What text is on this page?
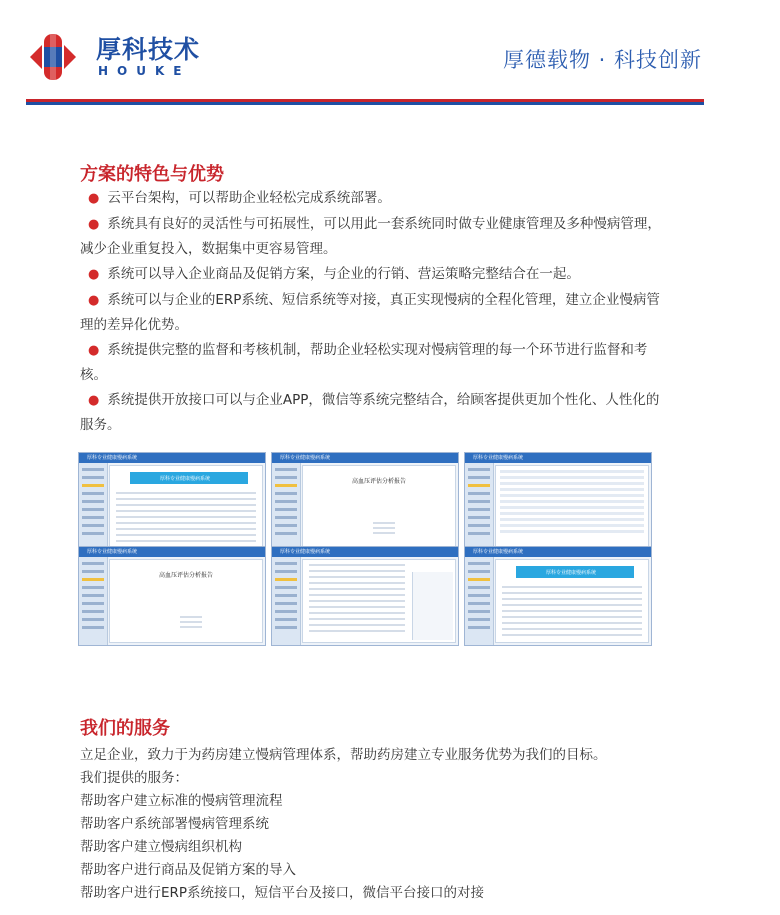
厚科技术
HOUKE	厚德载物 · 科技创新
方案的特色与优势
● 云平台架构，可以帮助企业轻松完成系统部署。
● 系统具有良好的灵活性与可拓展性，可以用此一套系统同时做专业健康管理及多种慢病管理，减少企业重复投入，数据集中更容易管理。
● 系统可以导入企业商品及促销方案，与企业的行销、营运策略完整结合在一起。
● 系统可以与企业的ERP系统、短信系统等对接，真正实现慢病的全程化管理，建立企业慢病管理的差异化优势。
● 系统提供完整的监督和考核机制，帮助企业轻松实现对慢病管理的每一个环节进行监督和考核。
● 系统提供开放接口可以与企业APP，微信等系统完整结合，给顾客提供更加个性化、人性化的服务。
厚科专业健康慢病系统
厚科专业健康慢病系统
厚科专业健康慢病系统
高血压评估分析报告
厚科专业健康慢病系统
厚科专业健康慢病系统
高血压评估分析报告
厚科专业健康慢病系统	厚科专业健康慢病系统
厚科专业健康慢病系统
我们的服务
立足企业，致力于为药房建立慢病管理体系，帮助药房建立专业服务优势为我们的目标。
我们提供的服务：
帮助客户建立标准的慢病管理流程
帮助客户系统部署慢病管理系统
帮助客户建立慢病组织机构
帮助客户进行商品及促销方案的导入
帮助客户进行ERP系统接口，短信平台及接口，微信平台接口的对接
